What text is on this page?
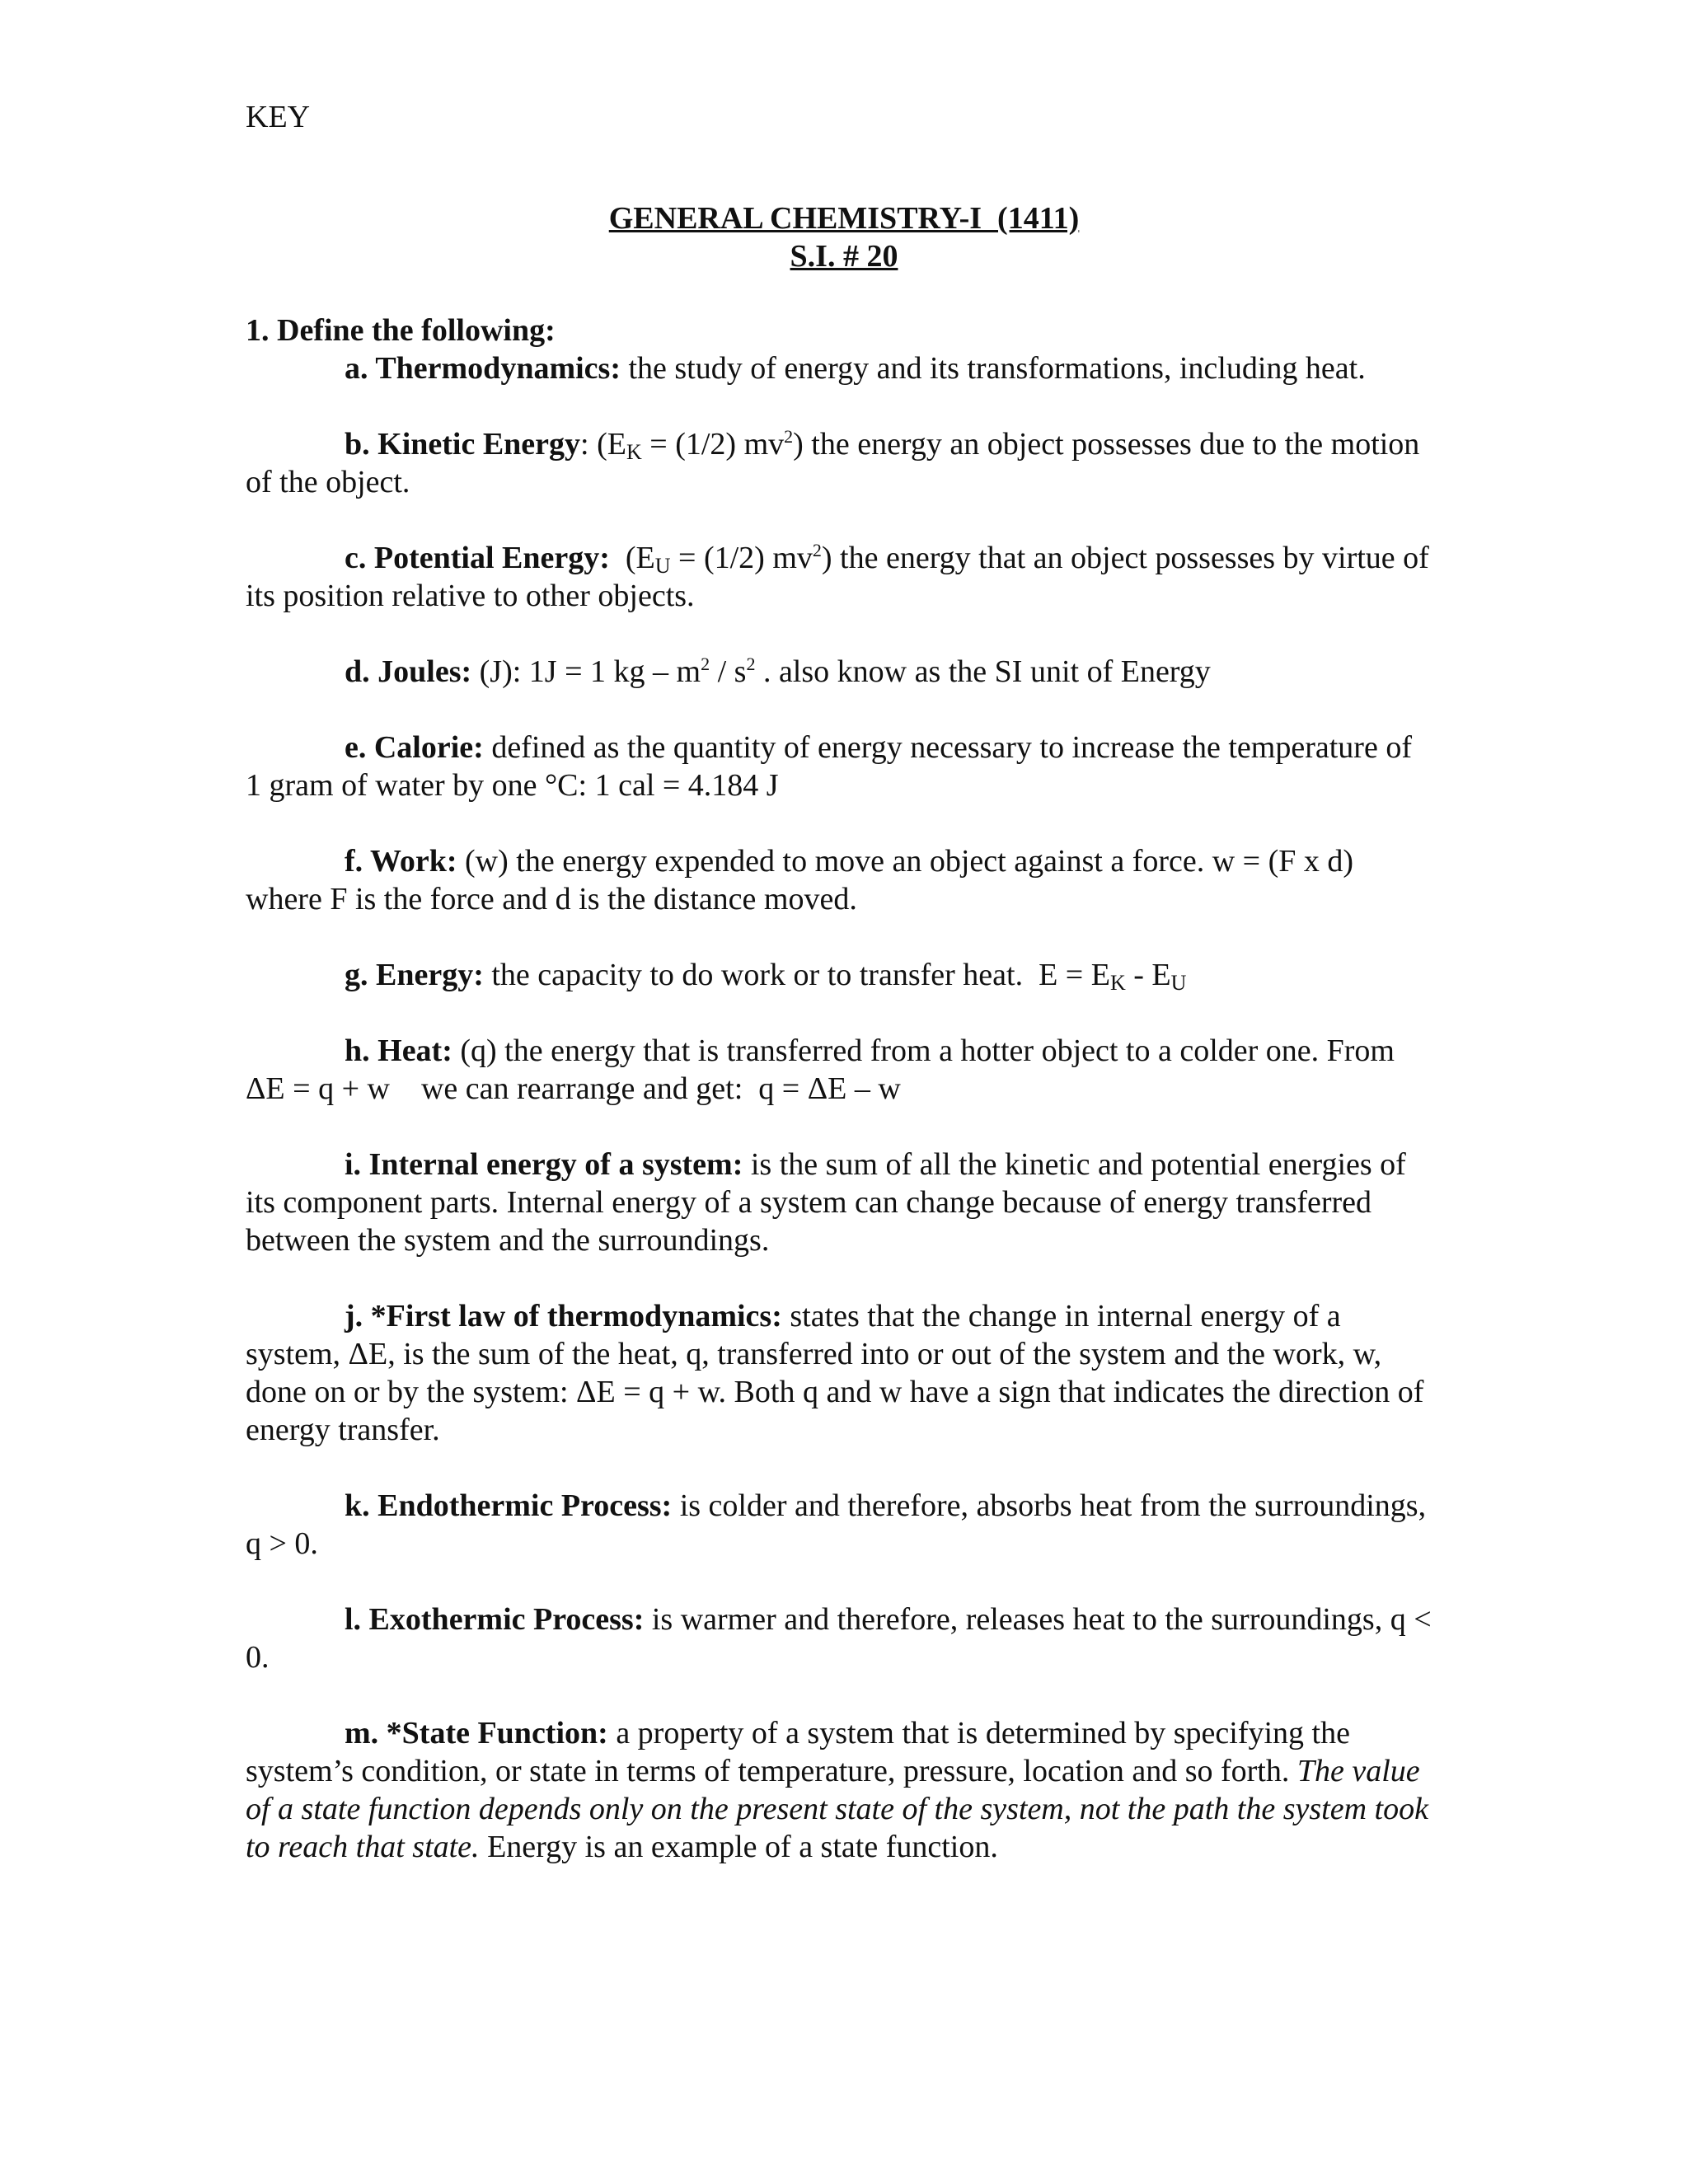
KEY
GENERAL CHEMISTRY-I  (1411)
S.I. # 20

1. Define the following:

a. Thermodynamics: the study of energy and its transformations, including heat.

b. Kinetic Energy: ($E_K = (1/2)$ $mv^2$) the energy an object possesses due to the motion of the object.

c. Potential Energy:  ($E_U = (1/2)$ $mv^2$) the energy that an object possesses by virtue of its position relative to other objects.

d. Joules: (J): 1J = 1 kg – $m^2 / s^2$ . also know as the SI unit of Energy

e. Calorie: defined as the quantity of energy necessary to increase the temperature of 1 gram of water by one °C: 1 cal = 4.184 J

f. Work: (w) the energy expended to move an object against a force. w = (F x d) where F is the force and d is the distance moved.

g. Energy: the capacity to do work or to transfer heat.  $E = E_K - E_U$

h. Heat: (q) the energy that is transferred from a hotter object to a colder one. From ΔE = q + w    we can rearrange and get:  q = ΔE – w

i. Internal energy of a system: is the sum of all the kinetic and potential energies of its component parts. Internal energy of a system can change because of energy transferred between the system and the surroundings.

j. *First law of thermodynamics: states that the change in internal energy of a system, ΔE, is the sum of the heat, q, transferred into or out of the system and the work, w, done on or by the system: ΔE = q + w. Both q and w have a sign that indicates the direction of energy transfer.

k. Endothermic Process: is colder and therefore, absorbs heat from the surroundings, q > 0.

l. Exothermic Process: is warmer and therefore, releases heat to the surroundings, q < 0.

m. *State Function: a property of a system that is determined by specifying the system’s condition, or state in terms of temperature, pressure, location and so forth. The value of a state function depends only on the present state of the system, not the path the system took to reach that state. Energy is an example of a state function.
